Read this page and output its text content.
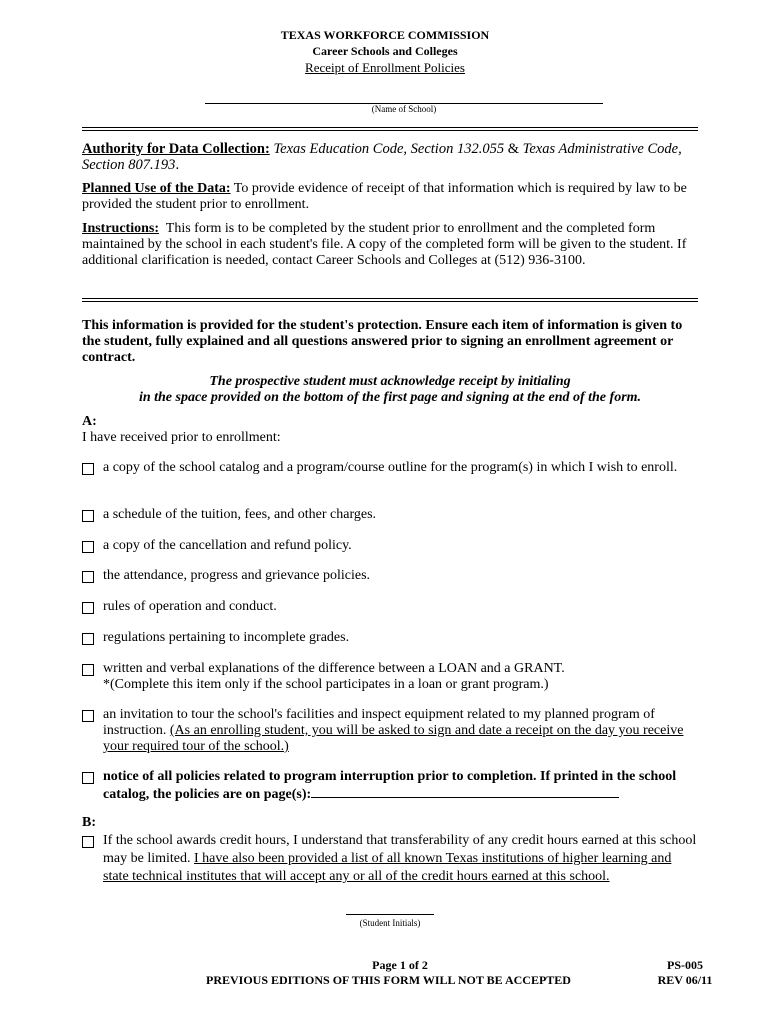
TEXAS WORKFORCE COMMISSION
Career Schools and Colleges
Receipt of Enrollment Policies
(Name of School)
Authority for Data Collection: Texas Education Code, Section 132.055 & Texas Administrative Code, Section 807.193.
Planned Use of the Data: To provide evidence of receipt of that information which is required by law to be provided the student prior to enrollment.
Instructions: This form is to be completed by the student prior to enrollment and the completed form maintained by the school in each student's file. A copy of the completed form will be given to the student. If additional clarification is needed, contact Career Schools and Colleges at (512) 936-3100.
This information is provided for the student's protection. Ensure each item of information is given to the student, fully explained and all questions answered prior to signing an enrollment agreement or contract.
The prospective student must acknowledge receipt by initialing
in the space provided on the bottom of the first page and signing at the end of the form.
A:
I have received prior to enrollment:
a copy of the school catalog and a program/course outline for the program(s) in which I wish to enroll.
a schedule of the tuition, fees, and other charges.
a copy of the cancellation and refund policy.
the attendance, progress and grievance policies.
rules of operation and conduct.
regulations pertaining to incomplete grades.
written and verbal explanations of the difference between a LOAN and a GRANT.
*(Complete this item only if the school participates in a loan or grant program.)
an invitation to tour the school's facilities and inspect equipment related to my planned program of instruction. (As an enrolling student, you will be asked to sign and date a receipt on the day you receive your required tour of the school.)
notice of all policies related to program interruption prior to completion. If printed in the school catalog, the policies are on page(s):
B:
If the school awards credit hours, I understand that transferability of any credit hours earned at this school may be limited. I have also been provided a list of all known Texas institutions of higher learning and state technical institutes that will accept any or all of the credit hours earned at this school.
(Student Initials)
Page 1 of 2
PREVIOUS EDITIONS OF THIS FORM WILL NOT BE ACCEPTED
PS-005
REV 06/11
